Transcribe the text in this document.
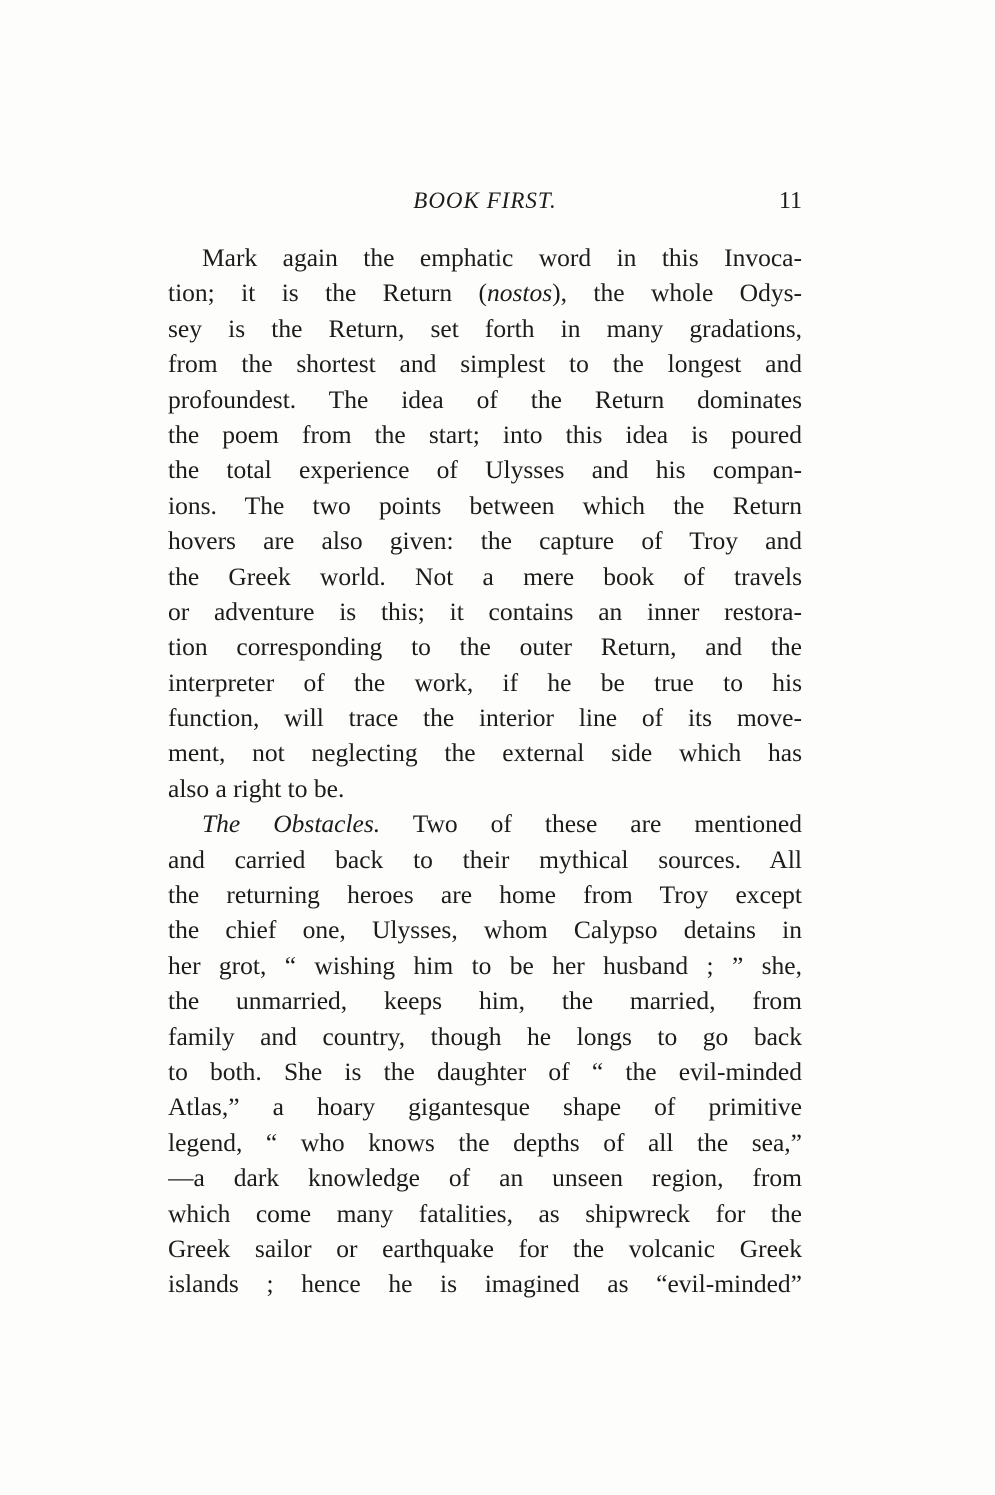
BOOK FIRST.	11
Mark again the emphatic word in this Invoca-
tion; it is the Return (nostos), the whole Odys-
sey is the Return, set forth in many gradations,
from the shortest and simplest to the longest and
profoundest. The idea of the Return dominates
the poem from the start; into this idea is poured
the total experience of Ulysses and his compan-
ions. The two points between which the Return
hovers are also given: the capture of Troy and
the Greek world. Not a mere book of travels
or adventure is this; it contains an inner restora-
tion corresponding to the outer Return, and the
interpreter of the work, if he be true to his
function, will trace the interior line of its move-
ment, not neglecting the external side which has
also a right to be.
The Obstacles. Two of these are mentioned
and carried back to their mythical sources. All
the returning heroes are home from Troy except
the chief one, Ulysses, whom Calypso detains in
her grot, “ wishing him to be her husband ; ” she,
the unmarried, keeps him, the married, from
family and country, though he longs to go back
to both. She is the daughter of “ the evil-minded
Atlas,” a hoary gigantesque shape of primitive
legend, “ who knows the depths of all the sea,”
—a dark knowledge of an unseen region, from
which come many fatalities, as shipwreck for the
Greek sailor or earthquake for the volcanic Greek
islands ; hence he is imagined as “evil-minded”
